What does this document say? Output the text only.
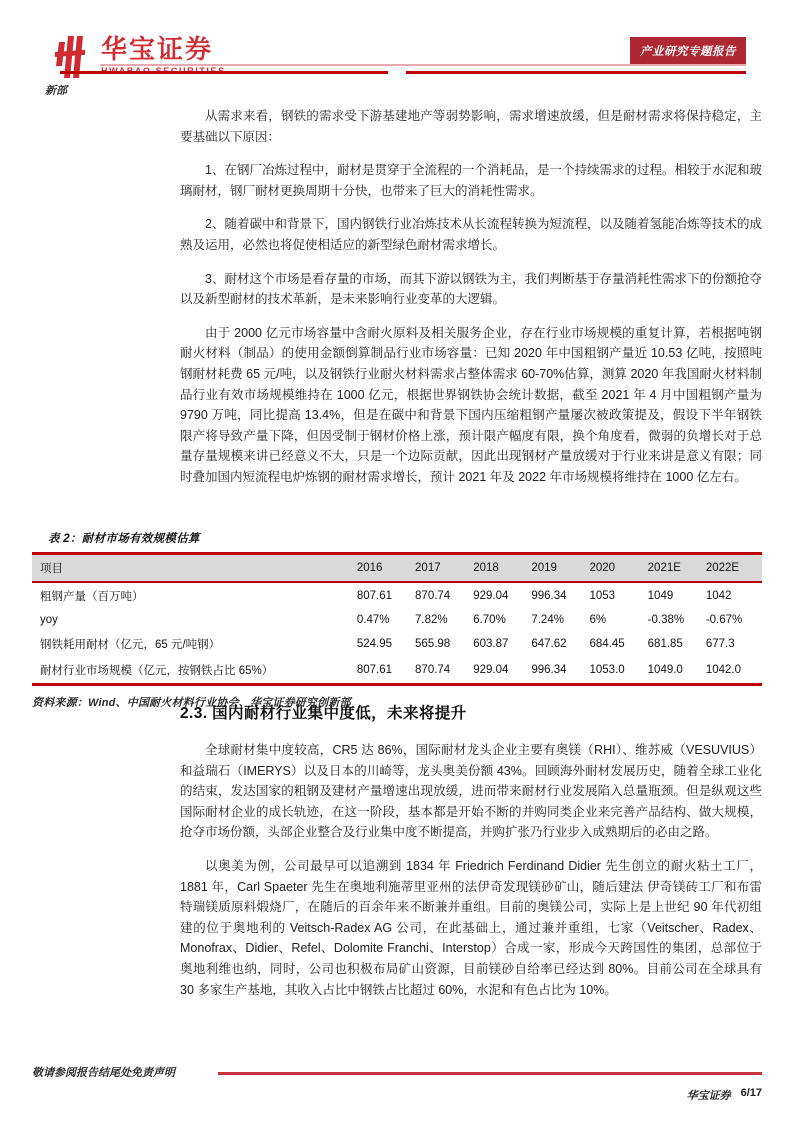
华宝证券	产业研究专题报告
新部

从需求来看，钢铁的需求受下游基建地产等弱势影响，需求增速放缓，但是耐材需求将保持稳定，主要基础以下原因：

1、在钢厂冶炼过程中，耐材是贯穿于全流程的一个消耗品，是一个持续需求的过程。相较于水泥和玻璃耐材，钢厂耐材更换周期十分快，也带来了巨大的消耗性需求。

2、随着碳中和背景下，国内钢铁行业冶炼技术从长流程转换为短流程，以及随着氢能冶炼等技术的成熟及运用，必然也将促使相适应的新型绿色耐材需求增长。

3、耐材这个市场是看存量的市场，而其下游以钢铁为主，我们判断基于存量消耗性需求下的份额抢夺以及新型耐材的技术革新，是未来影响行业变革的大逻辑。

由于 2000 亿元市场容量中含耐火原料及相关服务企业，存在行业市场规模的重复计算，若根据吨钢耐火材料（制品）的使用金额倒算制品行业市场容量：已知 2020 年中国粗钢产量近 10.53 亿吨，按照吨钢耐材耗费 65 元/吨，以及钢铁行业耐火材料需求占整体需求 60-70%估算，测算 2020 年我国耐火材料制品行业有效市场规模维持在 1000 亿元，根据世界钢铁协会统计数据，截至 2021 年 4 月中国粗钢产量为 9790 万吨，同比提高 13.4%，但是在碳中和背景下国内压缩粗钢产量屡次被政策提及，假设下半年钢铁限产将导致产量下降，但因受制于钢材价格上涨，预计限产幅度有限，换个角度看，微弱的负增长对于总量存量规模来讲已经意义不大，只是一个边际贡献，因此出现钢材产量放缓对于行业来讲是意义有限；同时叠加国内短流程电炉炼钢的耐材需求增长，预计 2021 年及 2022 年市场规模将维持在 1000 亿左右。

表 2：耐材市场有效规模估算
项目	2016	2017	2018	2019	2020	2021E	2022E
粗钢产量（百万吨）	807.61	870.74	929.04	996.34	1053	1049	1042
yoy	0.47%	7.82%	6.70%	7.24%	6%	-0.38%	-0.67%
钢铁耗用耐材（亿元，65 元/吨钢）	524.95	565.98	603.87	647.62	684.45	681.85	677.3
耐材行业市场规模（亿元，按钢铁占比 65%）	807.61	870.74	929.04	996.34	1053.0	1049.0	1042.0
资料来源：Wind、中国耐火材料行业协会、华宝证券研究创新部
2.3. 国内耐材行业集中度低，未来将提升

全球耐材集中度较高，CR5 达 86%，国际耐材龙头企业主要有奥镁（RHI）、维苏威（VESUVIUS）和益瑞石（IMERYS）以及日本的川崎等，龙头奥美份额 43%。回顾海外耐材发展历史，随着全球工业化的结束，发达国家的粗钢及建材产量增速出现放缓，进而带来耐材行业发展陷入总量瓶颈。但是纵观这些国际耐材企业的成长轨迹，在这一阶段，基本都是开始不断的并购同类企业来完善产品结构、做大规模，抢夺市场份额，头部企业整合及行业集中度不断提高，并购扩张乃行业步入成熟期后的必由之路。

以奥美为例，公司最早可以追溯到 1834 年 Friedrich Ferdinand Didier 先生创立的耐火粘土工厂，1881 年，Carl Spaeter 先生在奥地利施蒂里亚州的法伊奇发现镁砂矿山，随后建法 伊奇镁砖工厂和布雷特瑞镁质原料煅烧厂，在随后的百余年来不断兼并重组。目前的奥镁公司，实际上是上世纪 90 年代初组建的位于奥地利的 Veitsch-Radex AG 公司，在此基础上，通过兼并重组，七家（Veitscher、Radex、Monofrax、Didier、Refel、Dolomite Franchi、Interstop）合成一家，形成今天跨国性的集团，总部位于奥地利维也纳，同时，公司也积极布局矿山资源，目前镁砂自给率已经达到 80%。目前公司在全球具有 30 多家生产基地，其收入占比中钢铁占比超过 60%，水泥和有色占比为 10%。

敬请参阅报告结尾处免责声明
华宝证券 6/17
